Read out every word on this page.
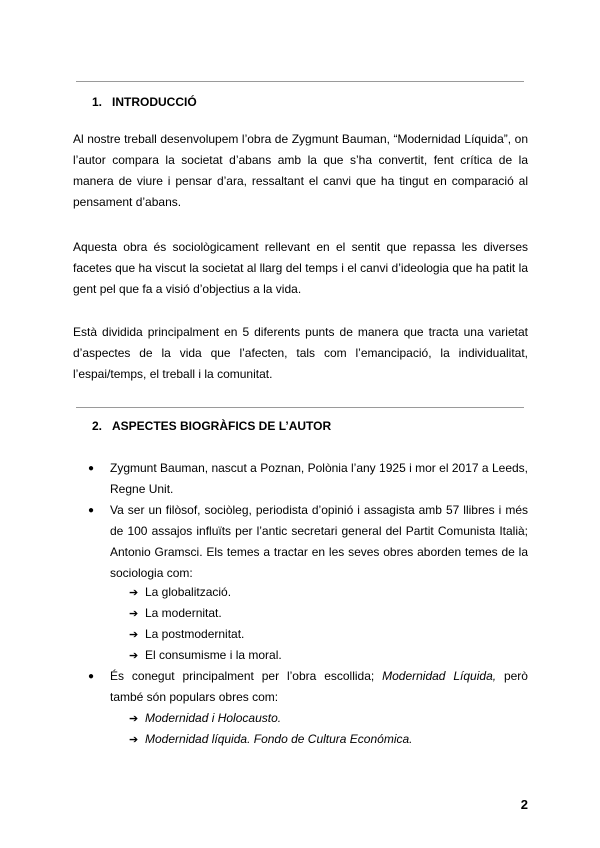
1. INTRODUCCIÓ

Al nostre treball desenvolupem l’obra de Zygmunt Bauman, “Modernidad Líquida”, on l’autor compara la societat d’abans amb la que s’ha convertit, fent crítica de la manera de viure i pensar d’ara, ressaltant el canvi que ha tingut en comparació al pensament d’abans.

Aquesta obra és sociològicament rellevant en el sentit que repassa les diverses facetes que ha viscut la societat al llarg del temps i el canvi d’ideologia que ha patit la gent pel que fa a visió d’objectius a la vida.

Està dividida principalment en 5 diferents punts de manera que tracta una varietat d’aspectes de la vida que l’afecten, tals com l’emancipació, la individualitat, l’espai/temps, el treball i la comunitat.

2. ASPECTES BIOGRÀFICS DE L’AUTOR
● Zygmunt Bauman, nascut a Poznan, Polònia l’any 1925 i mor el 2017 a Leeds, Regne Unit.
● Va ser un filòsof, sociòleg, periodista d’opinió i assagista amb 57 llibres i més de 100 assajos influïts per l’antic secretari general del Partit Comunista Italià; Antonio Gramsci. Els temes a tractar en les seves obres aborden temes de la sociologia com:
➔ La globalització.
➔ La modernitat.
➔ La postmodernitat.
➔ El consumisme i la moral.
● És conegut principalment per l’obra escollida; Modernidad Líquida, però també són populars obres com:
➔ Modernidad i Holocausto.
➔ Modernidad líquida. Fondo de Cultura Económica.
2
